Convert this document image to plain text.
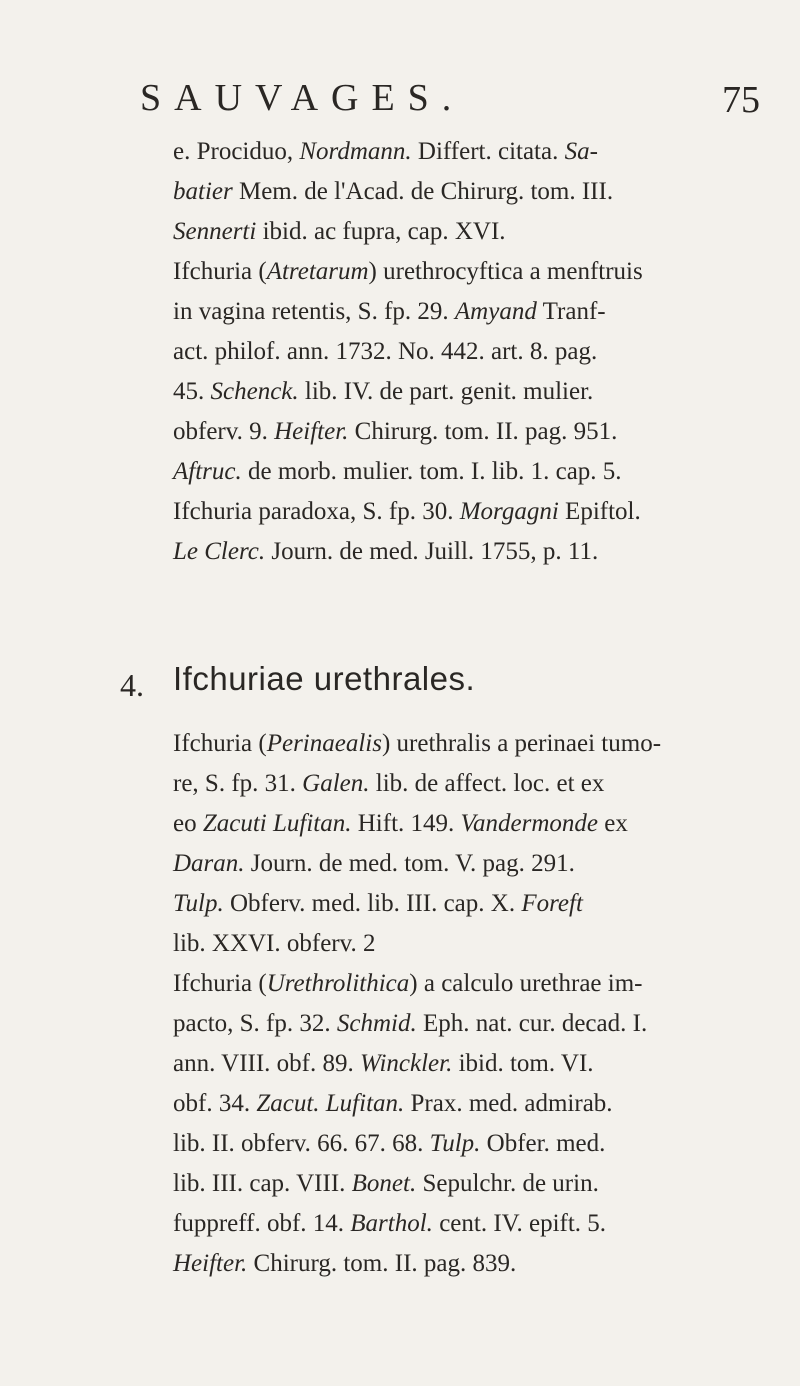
SAUVAGES.	75
e. Prociduo, Nordmann. Differt. citata. Sa-
batier Mem. de l'Acad. de Chirurg. tom. III.
Sennerti ibid. ac fupra, cap. XVI.
Ifchuria (Atretarum) urethrocyftica a menftruis
in vagina retentis, S. fp. 29. Amyand Tranf-
act. philof. ann. 1732. No. 442. art. 8. pag.
45. Schenck. lib. IV. de part. genit. mulier.
obferv. 9. Heifter. Chirurg. tom. II. pag. 951.
Aftruc. de morb. mulier. tom. I. lib. 1. cap. 5.
Ifchuria paradoxa, S. fp. 30. Morgagni Epiftol.
Le Clerc. Journ. de med. Juill. 1755, p. 11.
4. Ifchuriae urethrales.
Ifchuria (Perinaealis) urethralis a perinaei tumo-
re, S. fp. 31. Galen. lib. de affect. loc. et ex
eo Zacuti Lufitan. Hift. 149. Vandermonde ex
Daran. Journ. de med. tom. V. pag. 291.
Tulp. Obferv. med. lib. III. cap. X. Foreft
lib. XXVI. obferv. 2
Ifchuria (Urethrolithica) a calculo urethrae im-
pacto, S. fp. 32. Schmid. Eph. nat. cur. decad. I.
ann. VIII. obf. 89. Winckler. ibid. tom. VI.
obf. 34. Zacut. Lufitan. Prax. med. admirab.
lib. II. obferv. 66. 67. 68. Tulp. Obfer. med.
lib. III. cap. VIII. Bonet. Sepulchr. de urin.
fuppreff. obf. 14. Barthol. cent. IV. epift. 5.
Heifter. Chirurg. tom. II. pag. 839.
